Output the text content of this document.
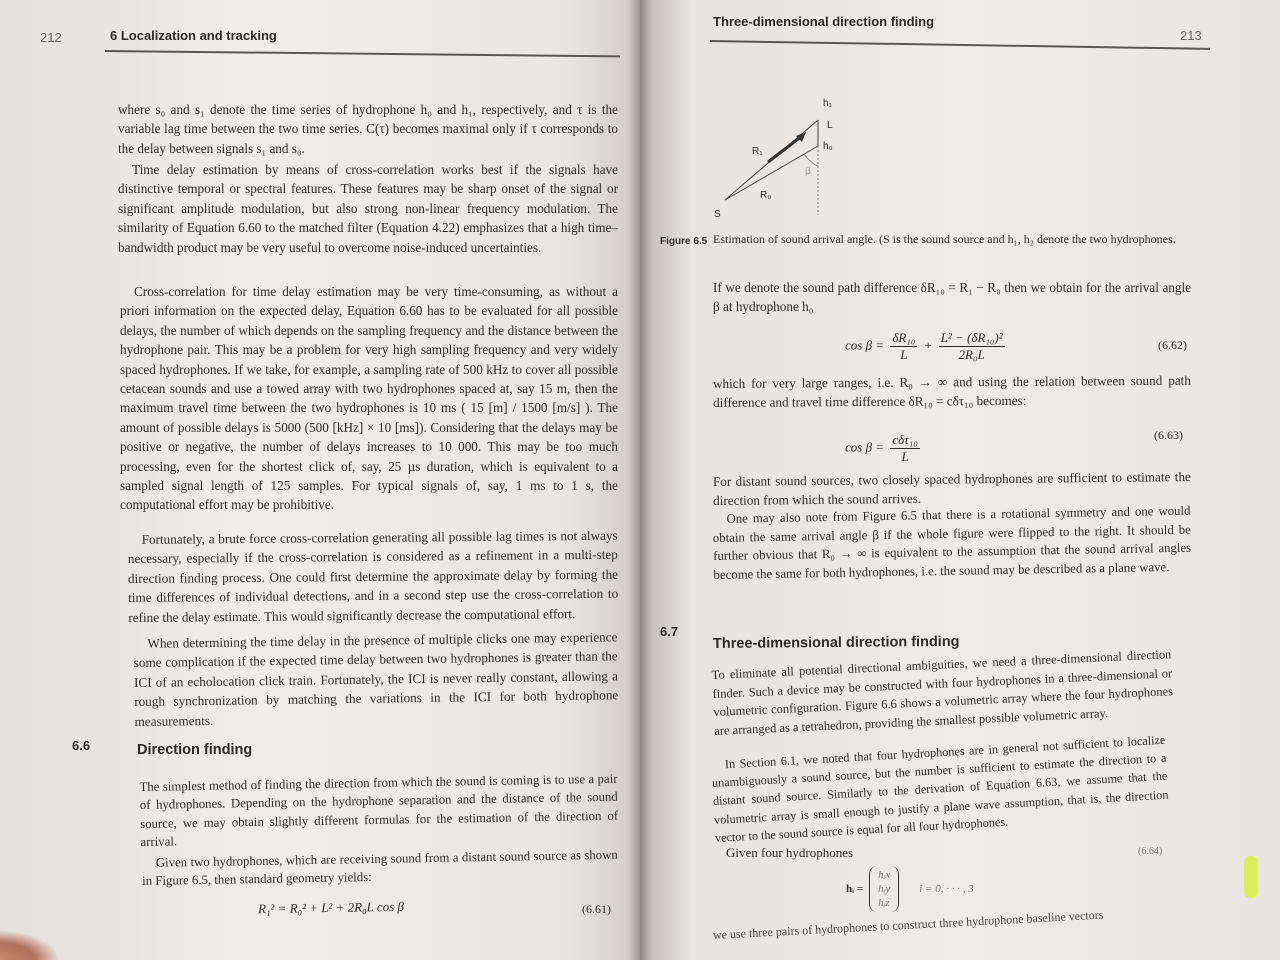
212	6 Localization and tracking

where s₀ and s₁ denote the time series of hydrophone h₀ and h₁, respectively, and τ is the variable lag time between the two time series. C(τ) becomes maximal only if τ corresponds to the delay between signals s₁ and s₀.

Time delay estimation by means of cross-correlation works best if the signals have distinctive temporal or spectral features. These features may be sharp onset of the signal or significant amplitude modulation, but also strong non-linear frequency modulation. The similarity of Equation 6.60 to the matched filter (Equation 4.22) emphasizes that a high time–bandwidth product may be very useful to overcome noise-induced uncertainties.

Cross-correlation for time delay estimation may be very time-consuming, as without a priori information on the expected delay, Equation 6.60 has to be evaluated for all possible delays, the number of which depends on the sampling frequency and the distance between the hydrophone pair. This may be a problem for very high sampling frequency and very widely spaced hydrophones. If we take, for example, a sampling rate of 500 kHz to cover all possible cetacean sounds and use a towed array with two hydrophones spaced at, say 15 m, then the maximum travel time between the two hydrophones is 10 ms ( 15 [m] / 1500 [m/s] ). The amount of possible delays is 5000 (500 [kHz] × 10 [ms]). Considering that the delays may be positive or negative, the number of delays increases to 10 000. This may be too much processing, even for the shortest click of, say, 25 µs duration, which is equivalent to a sampled signal length of 125 samples. For typical signals of, say, 1 ms to 1 s, the computational effort may be prohibitive.

Fortunately, a brute force cross-correlation generating all possible lag times is not always necessary, especially if the cross-correlation is considered as a refinement in a multi-step direction finding process. One could first determine the approximate delay by forming the time differences of individual detections, and in a second step use the cross-correlation to refine the delay estimate. This would significantly decrease the computational effort.

When determining the time delay in the presence of multiple clicks one may experience some complication if the expected time delay between two hydrophones is greater than the ICI of an echolocation click train. Fortunately, the ICI is never really constant, allowing a rough synchronization by matching the variations in the ICI for both hydrophone measurements.

6.6	Direction finding

The simplest method of finding the direction from which the sound is coming is to use a pair of hydrophones. Depending on the hydrophone separation and the distance of the sound source, we may obtain slightly different formulas for the estimation of the direction of arrival.

Given two hydrophones, which are receiving sound from a distant sound source as shown in Figure 6.5, then standard geometry yields:

R₁² = R₀² + L² + 2R₀L cos β	(6.61)
Three-dimensional direction finding
213
h₁
L
h₀
R₁
R₀
β
S
Figure 6.5 Estimation of sound arrival angle. (S is the sound source and h₁, h₂ denote the two hydrophones.

If we denote the sound path difference δR₁₀ = R₁ − R₀ then we obtain for the arrival angle β at hydrophone h₀

$\cos \beta = \frac{\text{δR₁₀}}{L} + \frac{\text{L² − (δR₁₀)²}}{\text{2R₀L}}$	(6.62)

which for very large ranges, i.e. R₀ → ∞ and using the relation between sound path difference and travel time difference δR₁₀ = cδτ₁₀ becomes:

$\cos \beta = \frac{\text{cδτ₁₀}}{L}$	(6.63)

For distant sound sources, two closely spaced hydrophones are sufficient to estimate the direction from which the sound arrives.

One may also note from Figure 6.5 that there is a rotational symmetry and one would obtain the same arrival angle β if the whole figure were flipped to the right. It should be further obvious that R₀ → ∞ is equivalent to the assumption that the sound arrival angles become the same for both hydrophones, i.e. the sound may be described as a plane wave.

6.7
Three-dimensional direction finding

To eliminate all potential directional ambiguities, we need a three-dimensional direction finder. Such a device may be constructed with four hydrophones in a three-dimensional or volumetric configuration. Figure 6.6 shows a volumetric array where the four hydrophones are arranged as a tetrahedron, providing the smallest possible volumetric array.

In Section 6.1, we noted that four hydrophones are in general not sufficient to localize unambiguously a sound source, but the number is sufficient to estimate the direction to a distant sound source. Similarly to the derivation of Equation 6.63, we assume that the volumetric array is small enough to justify a plane wave assumption, that is, the direction vector to the sound source is equal for all four hydrophones.

Given four hydrophones	(6.64)
hᵢ =
hᵢx
hᵢy
hᵢz
i = 0, · · · , 3

we use three pairs of hydrophones to construct three hydrophone baseline vectors
